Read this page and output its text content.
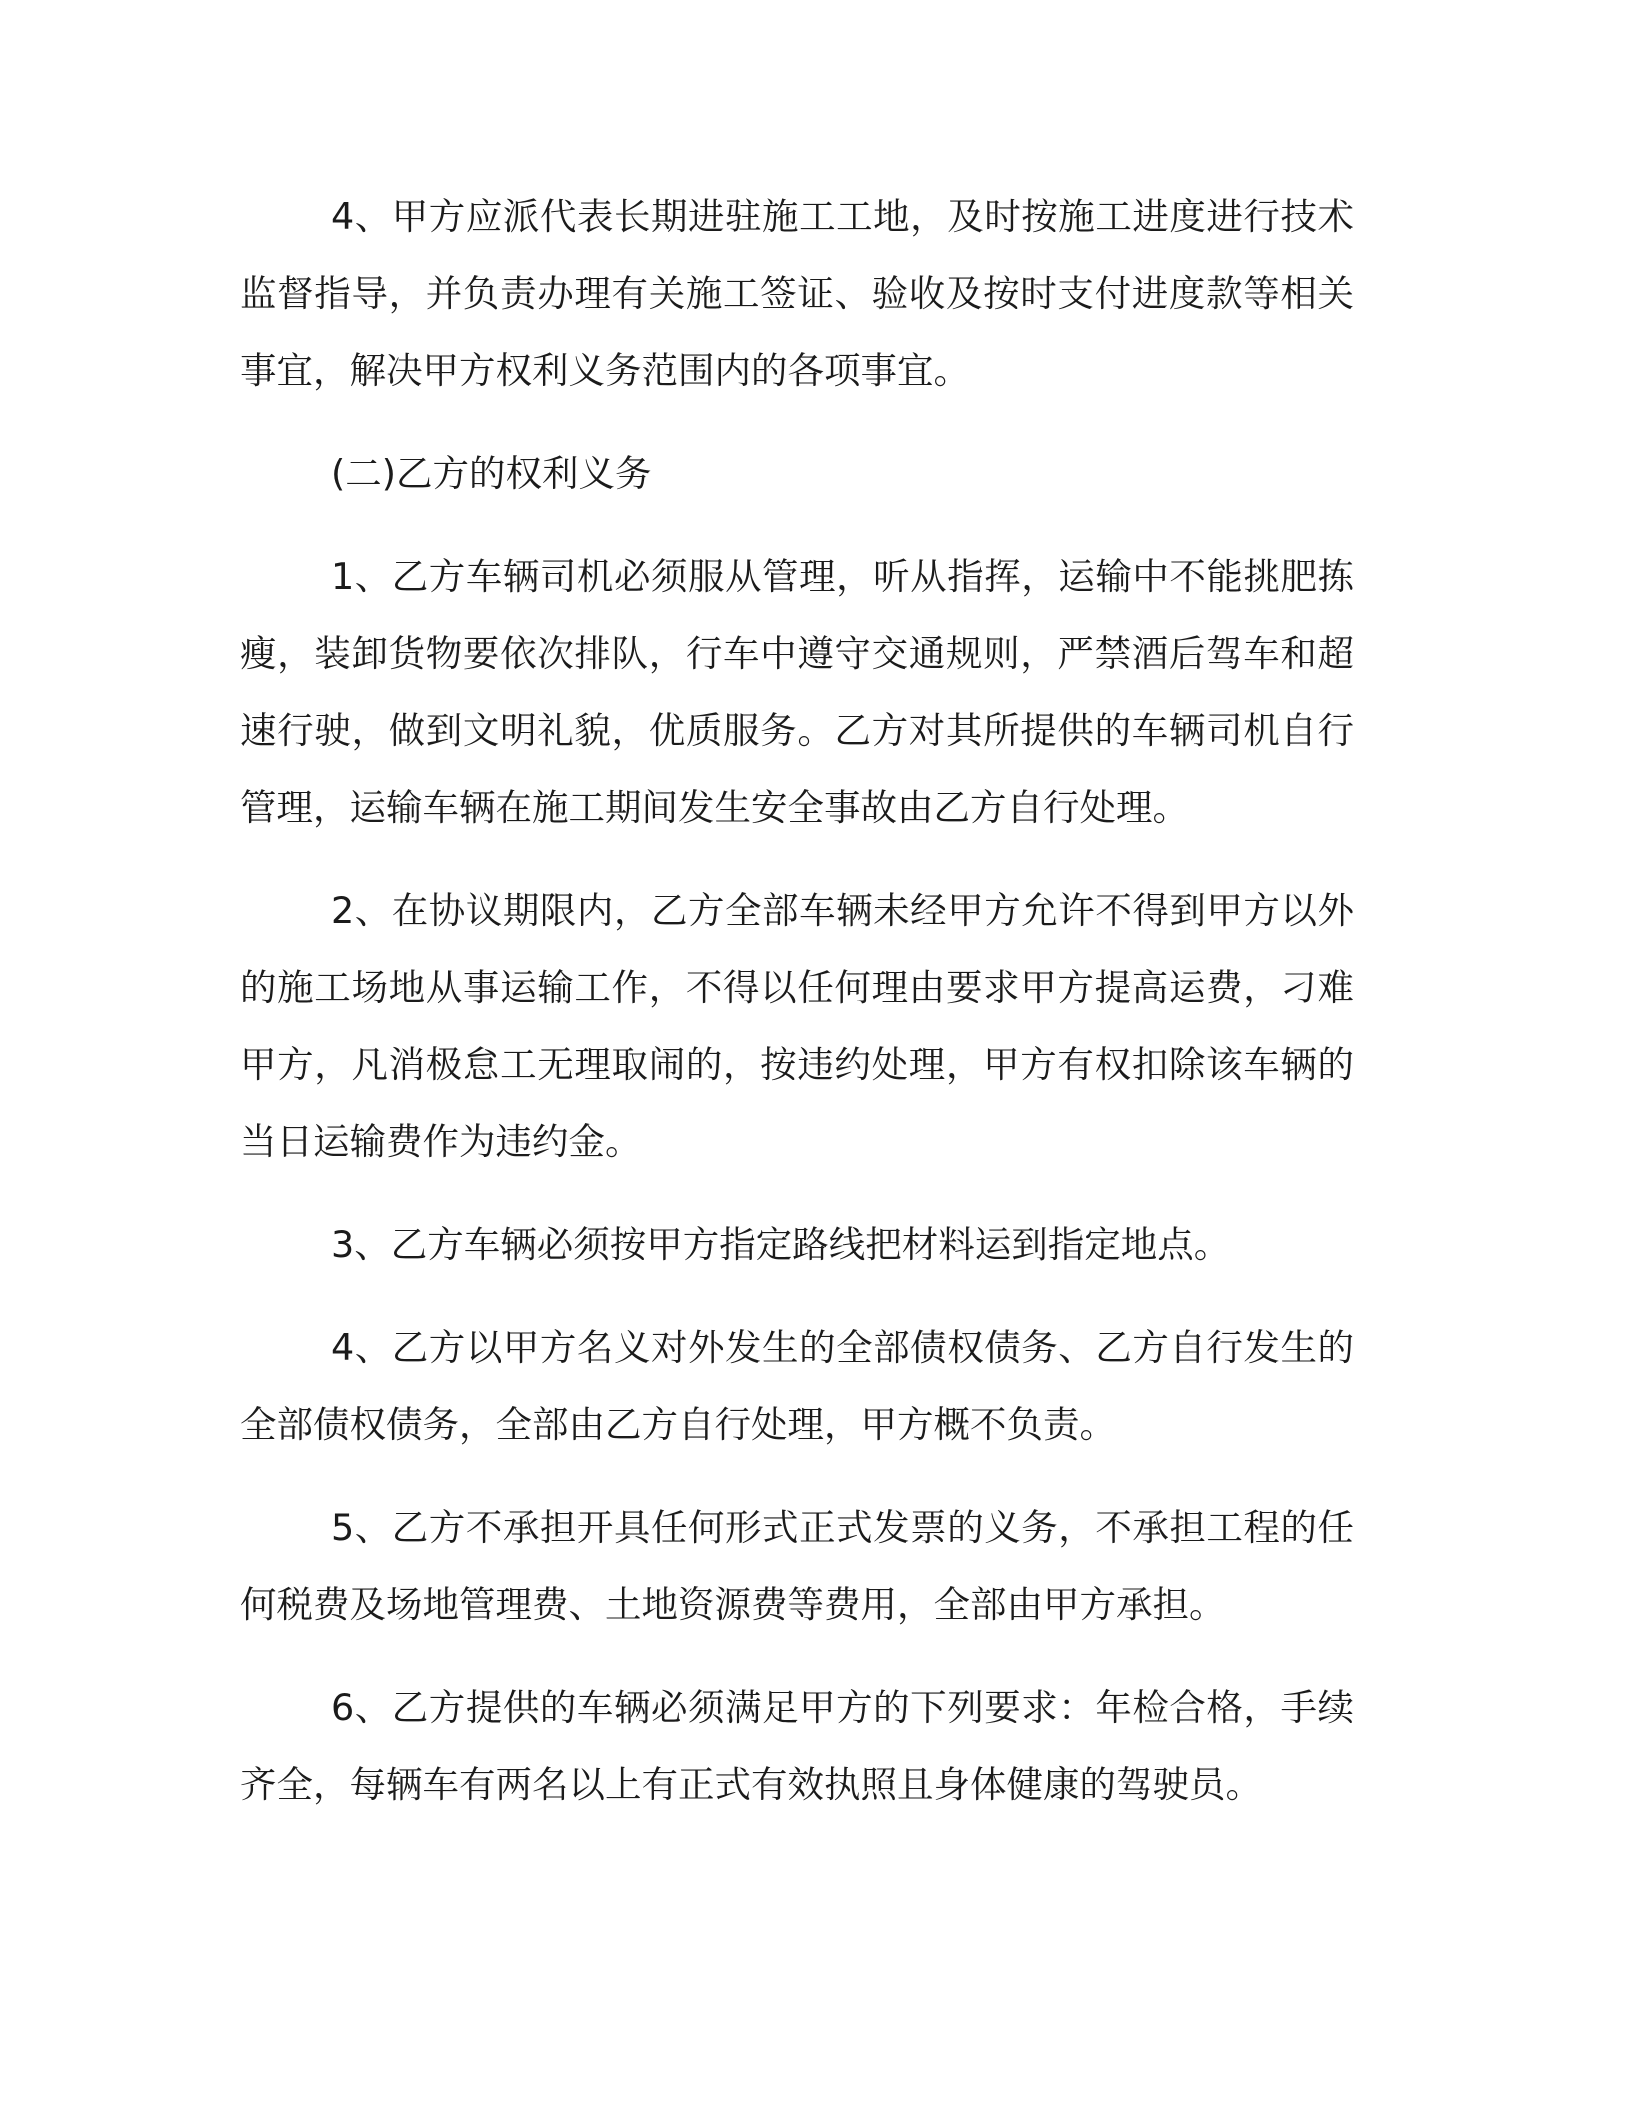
4、甲方应派代表长期进驻施工工地，及时按施工进度进行技术
监督指导，并负责办理有关施工签证、验收及按时支付进度款等相关
事宜，解决甲方权利义务范围内的各项事宜。
(二)乙方的权利义务
1、乙方车辆司机必须服从管理，听从指挥，运输中不能挑肥拣
瘦，装卸货物要依次排队，行车中遵守交通规则，严禁酒后驾车和超
速行驶，做到文明礼貌，优质服务。乙方对其所提供的车辆司机自行
管理，运输车辆在施工期间发生安全事故由乙方自行处理。
2、在协议期限内，乙方全部车辆未经甲方允许不得到甲方以外
的施工场地从事运输工作，不得以任何理由要求甲方提高运费，刁难
甲方，凡消极怠工无理取闹的，按违约处理，甲方有权扣除该车辆的
当日运输费作为违约金。
3、乙方车辆必须按甲方指定路线把材料运到指定地点。
4、乙方以甲方名义对外发生的全部债权债务、乙方自行发生的
全部债权债务，全部由乙方自行处理，甲方概不负责。
5、乙方不承担开具任何形式正式发票的义务，不承担工程的任
何税费及场地管理费、土地资源费等费用，全部由甲方承担。
6、乙方提供的车辆必须满足甲方的下列要求：年检合格，手续
齐全，每辆车有两名以上有正式有效执照且身体健康的驾驶员。
